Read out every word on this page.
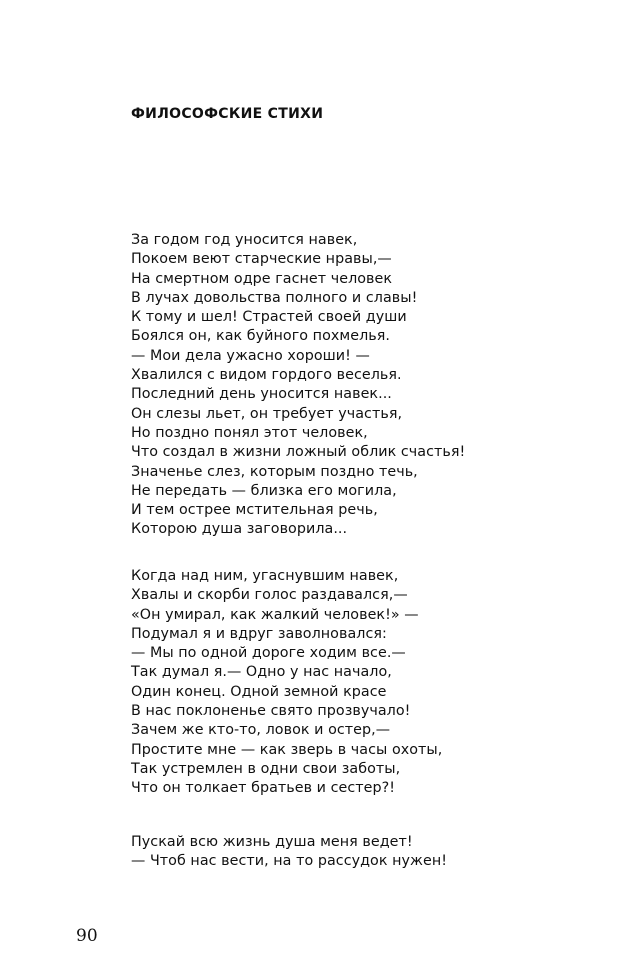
ФИЛОСОФСКИЕ СТИХИ
За годом год уносится навек,
Покоем веют старческие нравы,—
На смертном одре гаснет человек
В лучах довольства полного и славы!
К тому и шел! Страстей своей души
Боялся он, как буйного похмелья.
— Мои дела ужасно хороши! —
Хвалился с видом гордого веселья.
Последний день уносится навек...
Он слезы льет, он требует участья,
Но поздно понял этот человек,
Что создал в жизни ложный облик счастья!
Значенье слез, которым поздно течь,
Не передать — близка его могила,
И тем острее мстительная речь,
Которою душа заговорила...
Когда над ним, угаснувшим навек,
Хвалы и скорби голос раздавался,—
«Он умирал, как жалкий человек!» —
Подумал я и вдруг заволновался:
— Мы по одной дороге ходим все.—
Так думал я.— Одно у нас начало,
Один конец. Одной земной красе
В нас поклоненье свято прозвучало!
Зачем же кто-то, ловок и остер,—
Простите мне — как зверь в часы охоты,
Так устремлен в одни свои заботы,
Что он толкает братьев и сестер?!
Пускай всю жизнь душа меня ведет!
— Чтоб нас вести, на то рассудок нужен!
90
